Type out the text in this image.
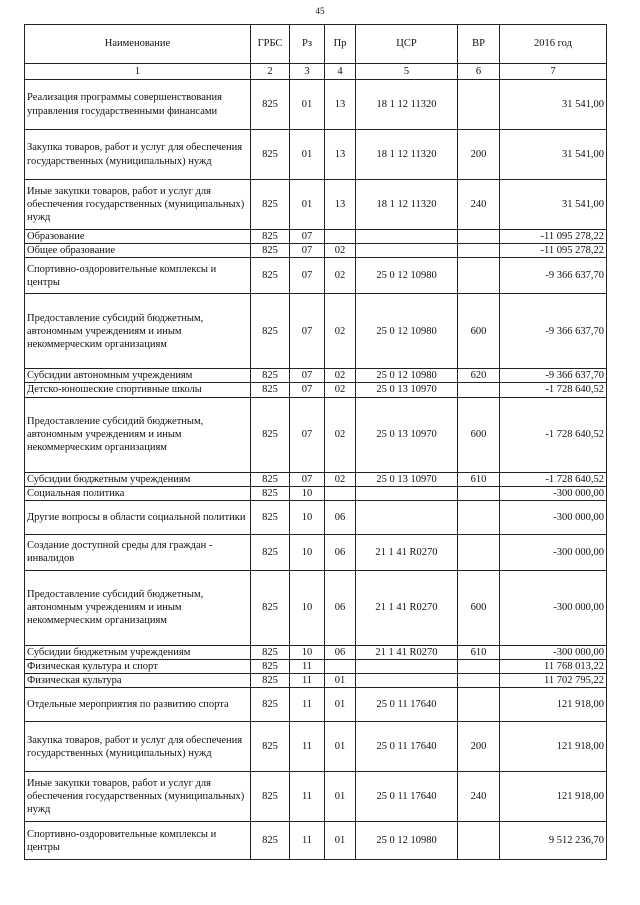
45
Наименование	ГРБС	Рз	Пр	ЦСР	ВР	2016 год
1	2	3	4	5	6	7
Реализация программы совершенствования управления государственными финансами	825	01	13	18 1 12 11320		31 541,00
Закупка товаров, работ и услуг для обеспечения государственных (муниципальных) нужд	825	01	13	18 1 12 11320	200	31 541,00
Иные закупки товаров, работ и услуг для обеспечения государственных (муниципальных) нужд	825	01	13	18 1 12 11320	240	31 541,00
Образование	825	07				-11 095 278,22
Общее образование	825	07	02			-11 095 278,22
Спортивно-оздоровительные комплексы и центры	825	07	02	25 0 12 10980		-9 366 637,70
Предоставление субсидий бюджетным, автономным учреждениям и иным некоммерческим организациям	825	07	02	25 0 12 10980	600	-9 366 637,70
Субсидии автономным учреждениям	825	07	02	25 0 12 10980	620	-9 366 637,70
Детско-юношеские спортивные школы	825	07	02	25 0 13 10970		-1 728 640,52
Предоставление субсидий бюджетным, автономным учреждениям и иным некоммерческим организациям	825	07	02	25 0 13 10970	600	-1 728 640,52
Субсидии бюджетным учреждениям	825	07	02	25 0 13 10970	610	-1 728 640,52
Социальная политика	825	10				-300 000,00
Другие вопросы в области социальной политики	825	10	06			-300 000,00
Создание доступной среды для граждан - инвалидов	825	10	06	21 1 41 R0270		-300 000,00
Предоставление субсидий бюджетным, автономным учреждениям и иным некоммерческим организациям	825	10	06	21 1 41 R0270	600	-300 000,00
Субсидии бюджетным учреждениям	825	10	06	21 1 41 R0270	610	-300 000,00
Физическая культура и спорт	825	11				11 768 013,22
Физическая культура	825	11	01			11 702 795,22
Отдельные мероприятия по развитию спорта	825	11	01	25 0 11 17640		121 918,00
Закупка товаров, работ и услуг для обеспечения государственных (муниципальных) нужд	825	11	01	25 0 11 17640	200	121 918,00
Иные закупки товаров, работ и услуг для обеспечения государственных (муниципальных) нужд	825	11	01	25 0 11 17640	240	121 918,00
Спортивно-оздоровительные комплексы и центры	825	11	01	25 0 12 10980		9 512 236,70
